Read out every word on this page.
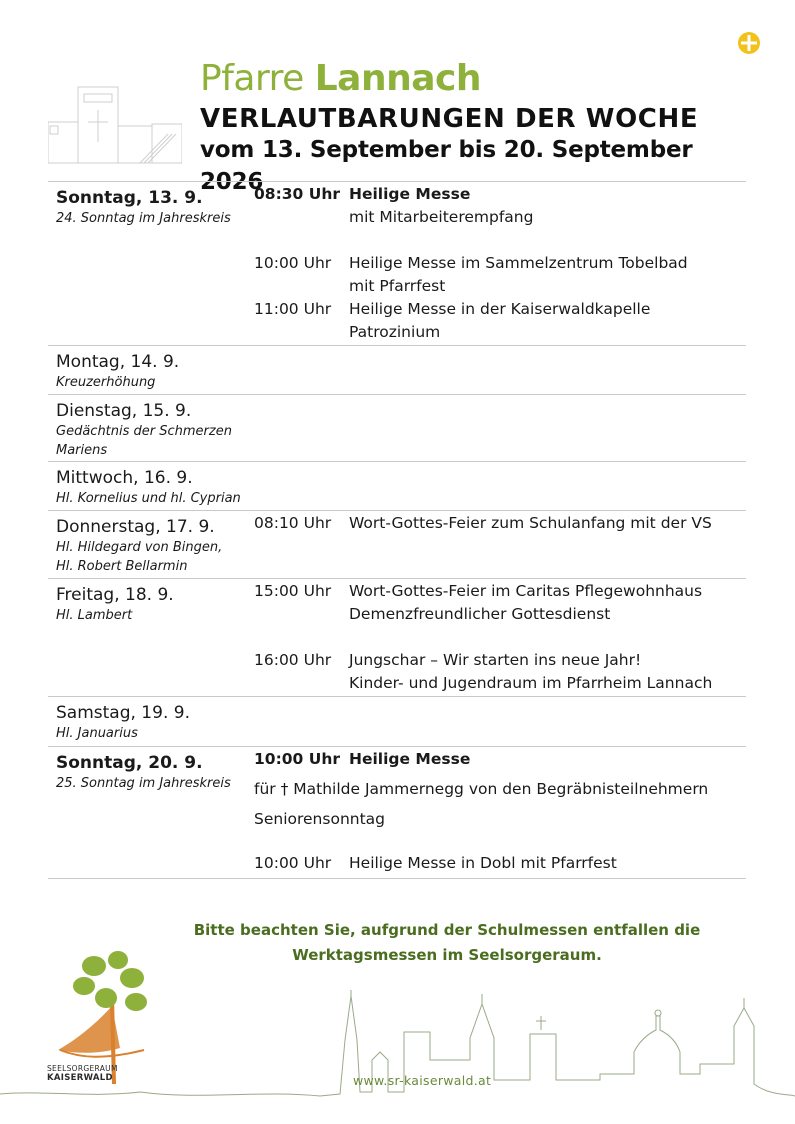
Pfarre Lannach
VERLAUTBARUNGEN DER WOCHE
vom 13. September bis 20. September 2026
Sonntag, 13. 9.
24. Sonntag im Jahreskreis
08:30 Uhr Heilige Messe
mit Mitarbeiterempfang
10:00 Uhr Heilige Messe im Sammelzentrum Tobelbad
mit Pfarrfest
11:00 Uhr Heilige Messe in der Kaiserwaldkapelle
Patrozinium
Montag, 14. 9.
Kreuzerhöhung
Dienstag, 15. 9.
Gedächtnis der Schmerzen
Mariens
Mittwoch, 16. 9.
Hl. Kornelius und hl. Cyprian
Donnerstag, 17. 9.
Hl. Hildegard von Bingen,
Hl. Robert Bellarmin
08:10 Uhr Wort-Gottes-Feier zum Schulanfang mit der VS
Freitag, 18. 9.
Hl. Lambert
15:00 Uhr Wort-Gottes-Feier im Caritas Pflegewohnhaus
Demenzfreundlicher Gottesdienst
16:00 Uhr Jungschar – Wir starten ins neue Jahr!
Kinder- und Jugendraum im Pfarrheim Lannach
Samstag, 19. 9.
Hl. Januarius
Sonntag, 20. 9.
25. Sonntag im Jahreskreis
10:00 Uhr Heilige Messe
für † Mathilde Jammernegg von den Begräbnisteilnehmern
Seniorensonntag
10:00 Uhr Heilige Messe in Dobl mit Pfarrfest
Bitte beachten Sie, aufgrund der Schulmessen entfallen die
Werktagsmessen im Seelsorgeraum.
SEELSORGERAUM
KAISERWALD	www.sr-kaiserwald.at
